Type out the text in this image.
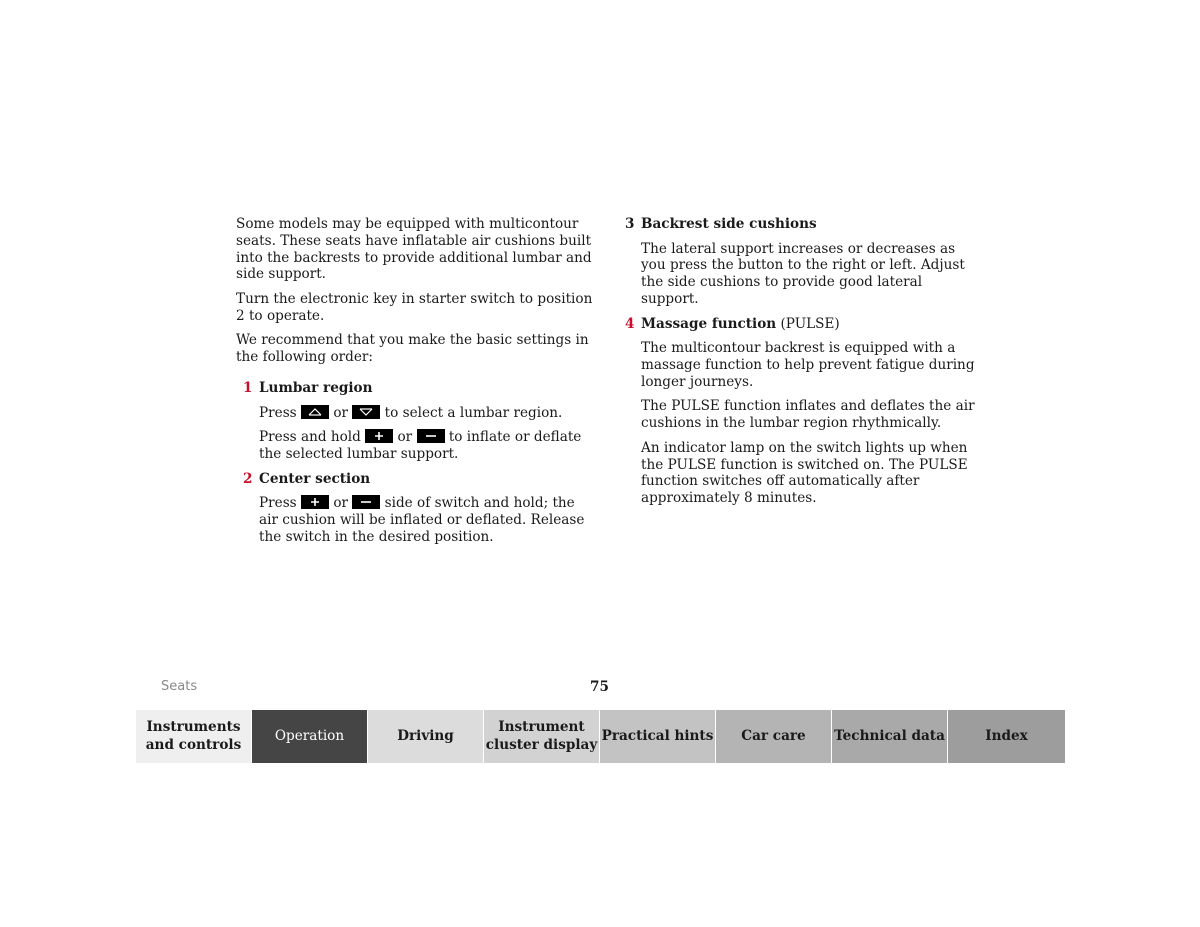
Some models may be equipped with multicontour seats. These seats have inflatable air cushions built into the backrests to provide additional lumbar and side support.

Turn the electronic key in starter switch to position 2 to operate.

We recommend that you make the basic settings in the following order:

1 Lumbar region

Press	or	to select a lumbar region.

Press and hold	or	to inflate or deflate the selected lumbar support.

2 Center section

Press	or	side of switch and hold; the air cushion will be inflated or deflated. Release the switch in the desired position.

3 Backrest side cushions

The lateral support increases or decreases as you press the button to the right or left. Adjust the side cushions to provide good lateral support.

4 Massage function (PULSE)

The multicontour backrest is equipped with a massage function to help prevent fatigue during longer journeys.

The PULSE function inflates and deflates the air cushions in the lumbar region rhythmically.

An indicator lamp on the switch lights up when the PULSE function is switched on. The PULSE function switches off automatically after approximately 8 minutes.

Seats	75
Instruments and controls
Operation	Driving
Instrument cluster display
Practical hints Car care Technical data	Index
